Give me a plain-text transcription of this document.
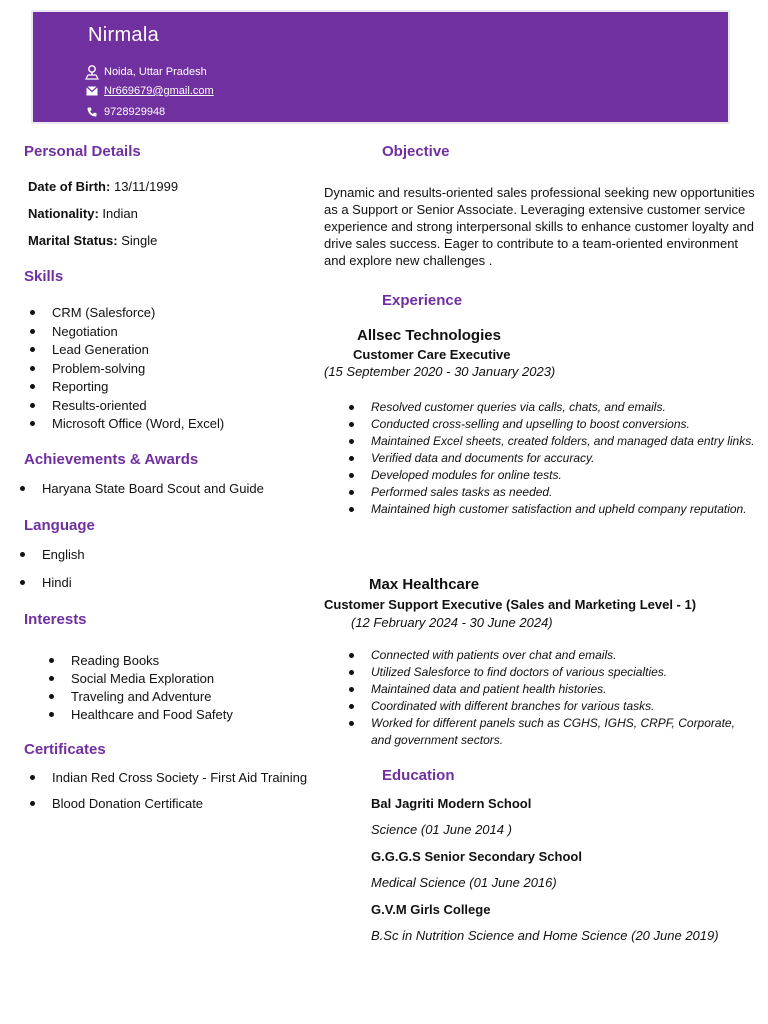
Nirmala
Noida, Uttar Pradesh
Nr669679@gmail.com
9728929948
Personal Details
Date of Birth: 13/11/1999
Nationality: Indian
Marital Status: Single
Skills
CRM (Salesforce)
Negotiation
Lead Generation
Problem-solving
Reporting
Results-oriented
Microsoft Office (Word, Excel)
Achievements & Awards
Haryana State Board Scout and Guide
Language
English
Hindi
Interests
Reading Books
Social Media Exploration
Traveling and Adventure
Healthcare and Food Safety
Certificates
Indian Red Cross Society - First Aid Training
Blood Donation Certificate
Objective
Dynamic and results-oriented sales professional seeking new opportunities as a Support or Senior Associate. Leveraging extensive customer service experience and strong interpersonal skills to enhance customer loyalty and drive sales success. Eager to contribute to a team-oriented environment and explore new challenges .
Experience
Allsec Technologies
Customer Care Executive
(15 September 2020 - 30 January 2023)
Resolved customer queries via calls, chats, and emails.
Conducted cross-selling and upselling to boost conversions.
Maintained Excel sheets, created folders, and managed data entry links.
Verified data and documents for accuracy.
Developed modules for online tests.
Performed sales tasks as needed.
Maintained high customer satisfaction and upheld company reputation.
Max Healthcare
Customer Support Executive (Sales and Marketing Level - 1)
(12 February 2024 - 30 June 2024)
Connected with patients over chat and emails.
Utilized Salesforce to find doctors of various specialties.
Maintained data and patient health histories.
Coordinated with different branches for various tasks.
Worked for different panels such as CGHS, IGHS, CRPF, Corporate, and government sectors.
Education
Bal Jagriti Modern School
Science (01 June 2014 )
G.G.G.S Senior Secondary School
Medical Science (01 June 2016)
G.V.M Girls College
B.Sc in Nutrition Science and Home Science (20 June 2019)
